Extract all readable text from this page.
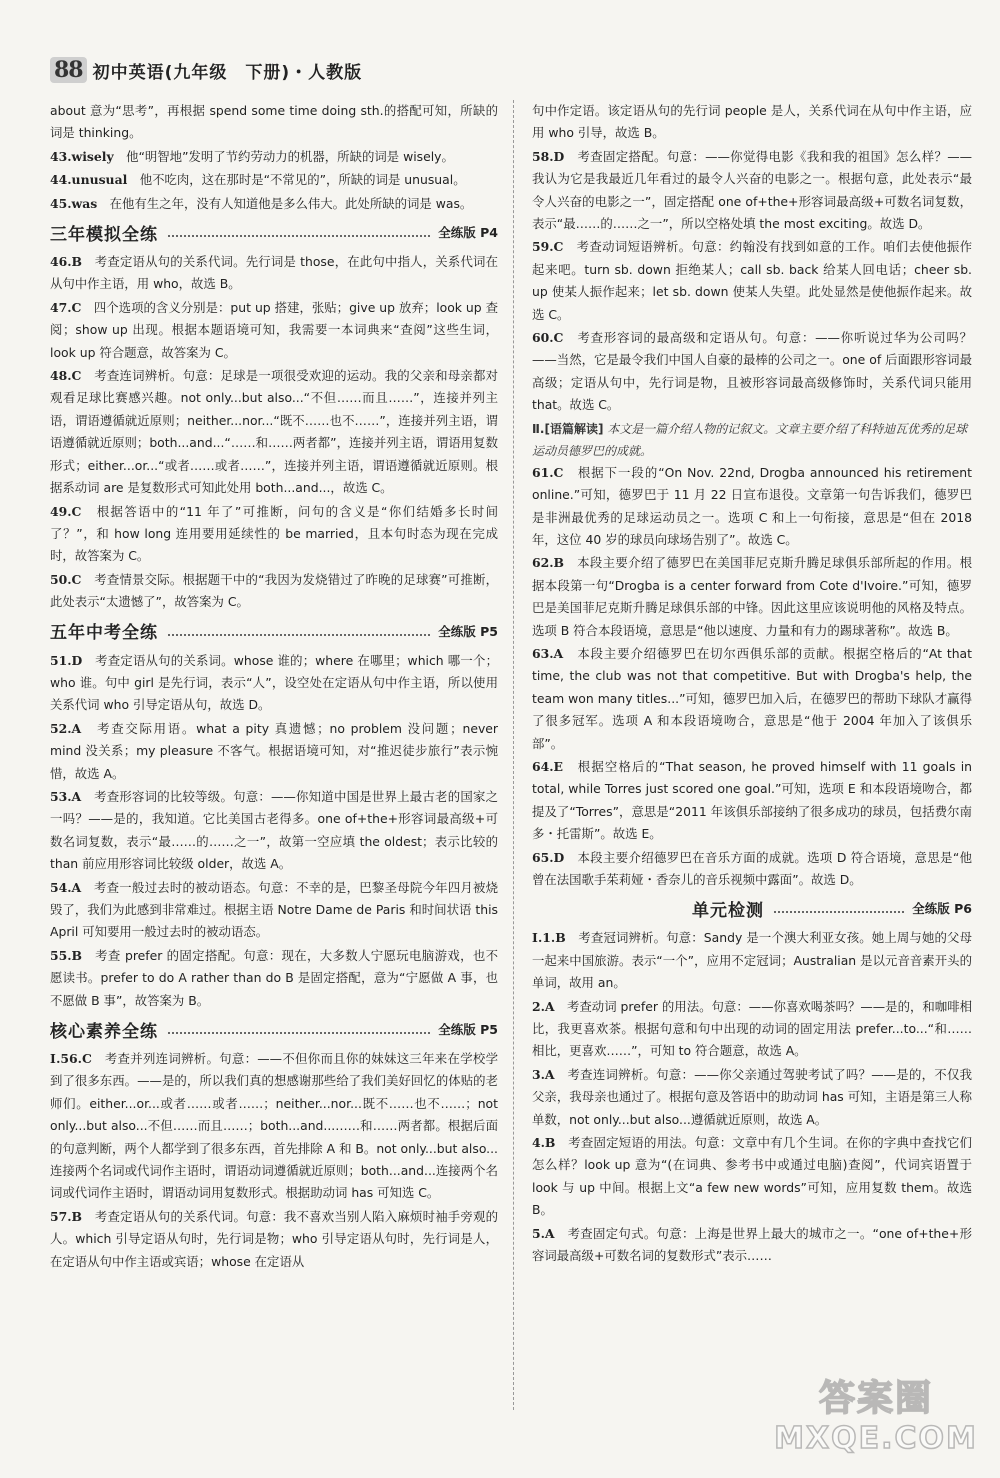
88 初中英语(九年级　下册)・人教版
about 意为“思考”，再根据 spend some time doing sth.的搭配可知，所缺的词是 thinking。
43.wisely　 他“明智地”发明了节约劳动力的机器，所缺的词是 wisely。
44.unusual　 他不吃肉，这在那时是“不常见的”，所缺的词是 unusual。
45.was　 在他有生之年，没有人知道他是多么伟大。此处所缺的词是 was。
三年模拟全练	全练版 P4
46.B　 考查定语从句的关系代词。先行词是 those，在此句中指人，关系代词在从句中作主语，用 who，故选 B。
47.C　 四个选项的含义分别是：put up 搭建，张贴；give up 放弃；look up 查阅；show up 出现。根据本题语境可知，我需要一本词典来“查阅”这些生词，look up 符合题意，故答案为 C。
48.C　 考查连词辨析。句意：足球是一项很受欢迎的运动。我的父亲和母亲都对观看足球比赛感兴趣。not only...but also...“不但……而且……”，连接并列主语，谓语遵循就近原则；neither...nor...“既不……也不……”，连接并列主语，谓语遵循就近原则；both...and...“……和……两者都”，连接并列主语，谓语用复数形式；either...or...“或者……或者……”，连接并列主语，谓语遵循就近原则。根据系动词 are 是复数形式可知此处用 both...and...，故选 C。
49.C　 根据答语中的“11 年了”可推断，问句的含义是“你们结婚多长时间了？”，和 how long 连用要用延续性的 be married，且本句时态为现在完成时，故答案为 C。
50.C　 考查情景交际。根据题干中的“我因为发烧错过了昨晚的足球赛”可推断，此处表示“太遗憾了”，故答案为 C。
五年中考全练	全练版 P5
51.D　 考查定语从句的关系词。whose 谁的；where 在哪里；which 哪一个；who 谁。句中 girl 是先行词，表示“人”，设空处在定语从句中作主语，所以使用关系代词 who 引导定语从句，故选 D。
52.A　 考查交际用语。what a pity 真遗憾；no problem 没问题；never mind 没关系；my pleasure 不客气。根据语境可知，对“推迟徒步旅行”表示惋惜，故选 A。
53.A　 考查形容词的比较等级。句意：——你知道中国是世界上最古老的国家之一吗？——是的，我知道。它比美国古老得多。one of+the+形容词最高级+可数名词复数，表示“最……的……之一”，故第一空应填 the oldest；表示比较的 than 前应用形容词比较级 older，故选 A。
54.A　 考查一般过去时的被动语态。句意：不幸的是，巴黎圣母院今年四月被烧毁了，我们为此感到非常难过。根据主语 Notre Dame de Paris 和时间状语 this April 可知要用一般过去时的被动语态。
55.B　 考查 prefer 的固定搭配。句意：现在，大多数人宁愿玩电脑游戏，也不愿读书。prefer to do A rather than do B 是固定搭配，意为“宁愿做 A 事，也不愿做 B 事”，故答案为 B。
核心素养全练	全练版 P5
Ⅰ.56.C　 考查并列连词辨析。句意：——不但你而且你的妹妹这三年来在学校学到了很多东西。——是的，所以我们真的想感谢那些给了我们美好回忆的体贴的老师们。either...or...或者……或者……；neither...nor...既不……也不……；not only...but also...不但……而且……；both...and...……和……两者都。根据后面的句意判断，两个人都学到了很多东西，首先排除 A 和 B。not only...but also...连接两个名词或代词作主语时，谓语动词遵循就近原则；both...and...连接两个名词或代词作主语时，谓语动词用复数形式。根据助动词 has 可知选 C。
57.B　 考查定语从句的关系代词。句意：我不喜欢当别人陷入麻烦时袖手旁观的人。which 引导定语从句时，先行词是物；who 引导定语从句时，先行词是人，在定语从句中作主语或宾语；whose 在定语从
句中作定语。该定语从句的先行词 people 是人，关系代词在从句中作主语，应用 who 引导，故选 B。
58.D　 考查固定搭配。句意：——你觉得电影《我和我的祖国》怎么样？——我认为它是我最近几年看过的最令人兴奋的电影之一。根据句意，此处表示“最令人兴奋的电影之一”，固定搭配 one of+the+形容词最高级+可数名词复数，表示“最……的……之一”，所以空格处填 the most exciting。故选 D。
59.C　 考查动词短语辨析。句意：约翰没有找到如意的工作。咱们去使他振作起来吧。turn sb. down 拒绝某人；call sb. back 给某人回电话；cheer sb. up 使某人振作起来；let sb. down 使某人失望。此处显然是使他振作起来。故选 C。
60.C　 考查形容词的最高级和定语从句。句意：——你听说过华为公司吗？——当然，它是最令我们中国人自豪的最棒的公司之一。one of 后面跟形容词最高级；定语从句中，先行词是物，且被形容词最高级修饰时，关系代词只能用 that。故选 C。
Ⅱ.[语篇解读] 本文是一篇介绍人物的记叙文。文章主要介绍了科特迪瓦优秀的足球运动员德罗巴的成就。
61.C　 根据下一段的“On Nov. 22nd, Drogba announced his retirement online.”可知，德罗巴于 11 月 22 日宣布退役。文章第一句告诉我们，德罗巴是非洲最优秀的足球运动员之一。选项 C 和上一句衔接，意思是“但在 2018 年，这位 40 岁的球员向球场告别了”。故选 C。
62.B　 本段主要介绍了德罗巴在美国菲尼克斯升腾足球俱乐部所起的作用。根据本段第一句“Drogba is a center forward from Cote d'Ivoire.”可知，德罗巴是美国菲尼克斯升腾足球俱乐部的中锋。因此这里应该说明他的风格及特点。选项 B 符合本段语境，意思是“他以速度、力量和有力的踢球著称”。故选 B。
63.A　 本段主要介绍德罗巴在切尔西俱乐部的贡献。根据空格后的“At that time, the club was not that competitive. But with Drogba's help, the team won many titles...”可知，德罗巴加入后，在德罗巴的帮助下球队才赢得了很多冠军。选项 A 和本段语境吻合，意思是“他于 2004 年加入了该俱乐部”。
64.E　 根据空格后的“That season, he proved himself with 11 goals in total, while Torres just scored one goal.”可知，选项 E 和本段语境吻合，都提及了“Torres”，意思是“2011 年该俱乐部接纳了很多成功的球员，包括费尔南多・托雷斯”。故选 E。
65.D　 本段主要介绍德罗巴在音乐方面的成就。选项 D 符合语境，意思是“他曾在法国歌手茱莉娅・香奈儿的音乐视频中露面”。故选 D。
单元检测	全练版 P6
Ⅰ.1.B　 考查冠词辨析。句意：Sandy 是一个澳大利亚女孩。她上周与她的父母一起来中国旅游。表示“一个”，应用不定冠词；Australian 是以元音音素开头的单词，故用 an。
2.A　 考查动词 prefer 的用法。句意：——你喜欢喝茶吗？——是的，和咖啡相比，我更喜欢茶。根据句意和句中出现的动词的固定用法 prefer...to...“和……相比，更喜欢……”，可知 to 符合题意，故选 A。
3.A　 考查连词辨析。句意：——你父亲通过驾驶考试了吗？——是的，不仅我父亲，我母亲也通过了。根据句意及答语中的助动词 has 可知，主语是第三人称单数，not only...but also...遵循就近原则，故选 A。
4.B　 考查固定短语的用法。句意：文章中有几个生词。在你的字典中查找它们怎么样？look up 意为“(在词典、参考书中或通过电脑)查阅”，代词宾语置于 look 与 up 中间。根据上文“a few new words”可知，应用复数 them。故选 B。
5.A　 考查固定句式。句意：上海是世界上最大的城市之一。“one of+the+形容词最高级+可数名词的复数形式”表示……
答案圈
MXQE.COM
